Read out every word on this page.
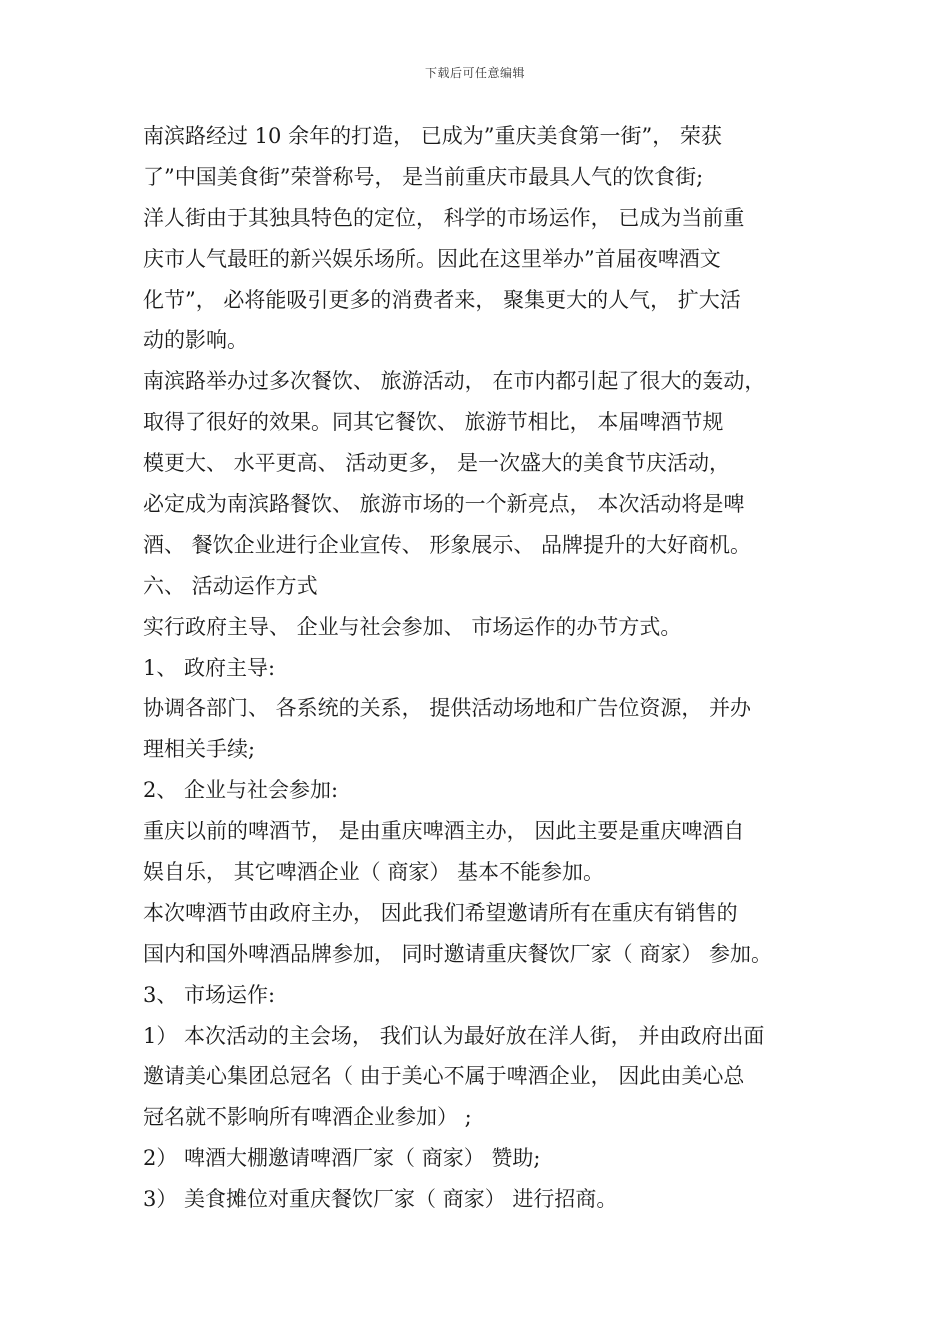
下载后可任意编辑
南滨路经过 10 余年的打造， 已成为”重庆美食第一街”， 荣获
了”中国美食街”荣誉称号， 是当前重庆市最具人气的饮食街;
洋人街由于其独具特色的定位， 科学的市场运作， 已成为当前重
庆市人气最旺的新兴娱乐场所。因此在这里举办”首届夜啤酒文
化节”， 必将能吸引更多的消费者来， 聚集更大的人气， 扩大活
动的影响。
南滨路举办过多次餐饮、 旅游活动， 在市内都引起了很大的轰动，
取得了很好的效果。同其它餐饮、 旅游节相比， 本届啤酒节规
模更大、 水平更高、 活动更多， 是一次盛大的美食节庆活动，
必定成为南滨路餐饮、 旅游市场的一个新亮点， 本次活动将是啤
酒、 餐饮企业进行企业宣传、 形象展示、 品牌提升的大好商机。
六、 活动运作方式
实行政府主导、 企业与社会参加、 市场运作的办节方式。
1、 政府主导:
协调各部门、 各系统的关系， 提供活动场地和广告位资源， 并办
理相关手续;
2、 企业与社会参加:
重庆以前的啤酒节， 是由重庆啤酒主办， 因此主要是重庆啤酒自
娱自乐， 其它啤酒企业（ 商家） 基本不能参加。
本次啤酒节由政府主办， 因此我们希望邀请所有在重庆有销售的
国内和国外啤酒品牌参加， 同时邀请重庆餐饮厂家（ 商家） 参加。
3、 市场运作:
1） 本次活动的主会场， 我们认为最好放在洋人街， 并由政府出面
邀请美心集团总冠名（ 由于美心不属于啤酒企业， 因此由美心总
冠名就不影响所有啤酒企业参加） ;
2） 啤酒大棚邀请啤酒厂家（ 商家） 赞助;
3） 美食摊位对重庆餐饮厂家（ 商家） 进行招商。
